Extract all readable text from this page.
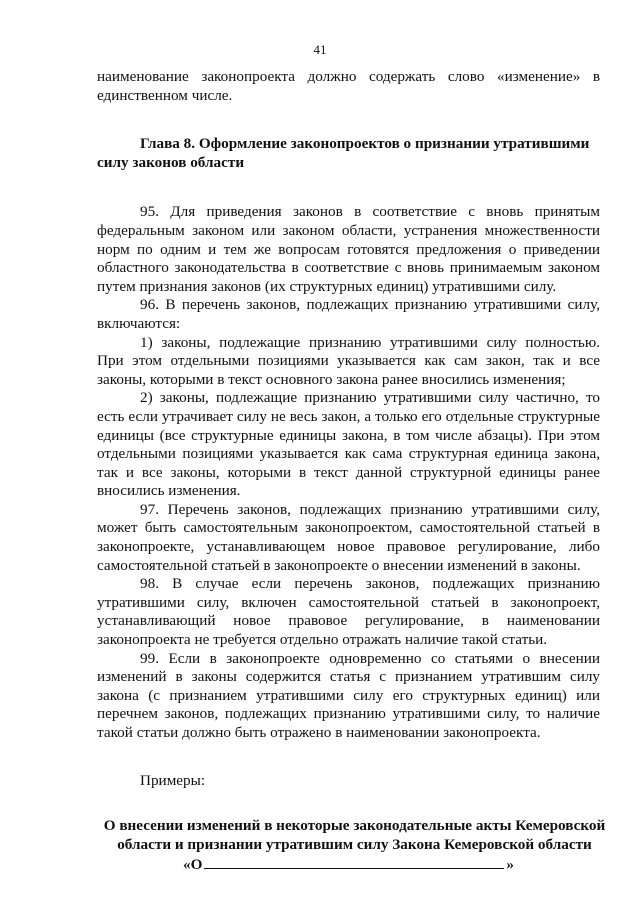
41

наименование законопроекта должно содержать слово «изменение» в единственном числе.

Глава 8. Оформление законопроектов о признании утратившими силу законов области

95. Для приведения законов в соответствие с вновь принятым федеральным законом или законом области, устранения множественности норм по одним и тем же вопросам готовятся предложения о приведении областного законодательства в соответствие с вновь принимаемым законом путем признания законов (их структурных единиц) утратившими силу.

96. В перечень законов, подлежащих признанию утратившими силу, включаются:

1) законы, подлежащие признанию утратившими силу полностью. При этом отдельными позициями указывается как сам закон, так и все законы, которыми в текст основного закона ранее вносились изменения;

2) законы, подлежащие признанию утратившими силу частично, то есть если утрачивает силу не весь закон, а только его отдельные структурные единицы (все структурные единицы закона, в том числе абзацы). При этом отдельными позициями указывается как сама структурная единица закона, так и все законы, которыми в текст данной структурной единицы ранее вносились изменения.

97. Перечень законов, подлежащих признанию утратившими силу, может быть самостоятельным законопроектом, самостоятельной статьей в законопроекте, устанавливающем новое правовое регулирование, либо самостоятельной статьей в законопроекте о внесении изменений в законы.

98. В случае если перечень законов, подлежащих признанию утратившими силу, включен самостоятельной статьей в законопроект, устанавливающий новое правовое регулирование, в наименовании законопроекта не требуется отдельно отражать наличие такой статьи.

99. Если в законопроекте одновременно со статьями о внесении изменений в законы содержится статья с признанием утратившим силу закона (с признанием утратившими силу его структурных единиц) или перечнем законов, подлежащих признанию утратившими силу, то наличие такой статьи должно быть отражено в наименовании законопроекта.

Примеры:

О внесении изменений в некоторые законодательные акты Кемеровской области и признании утратившим силу Закона Кемеровской области

«О	»
